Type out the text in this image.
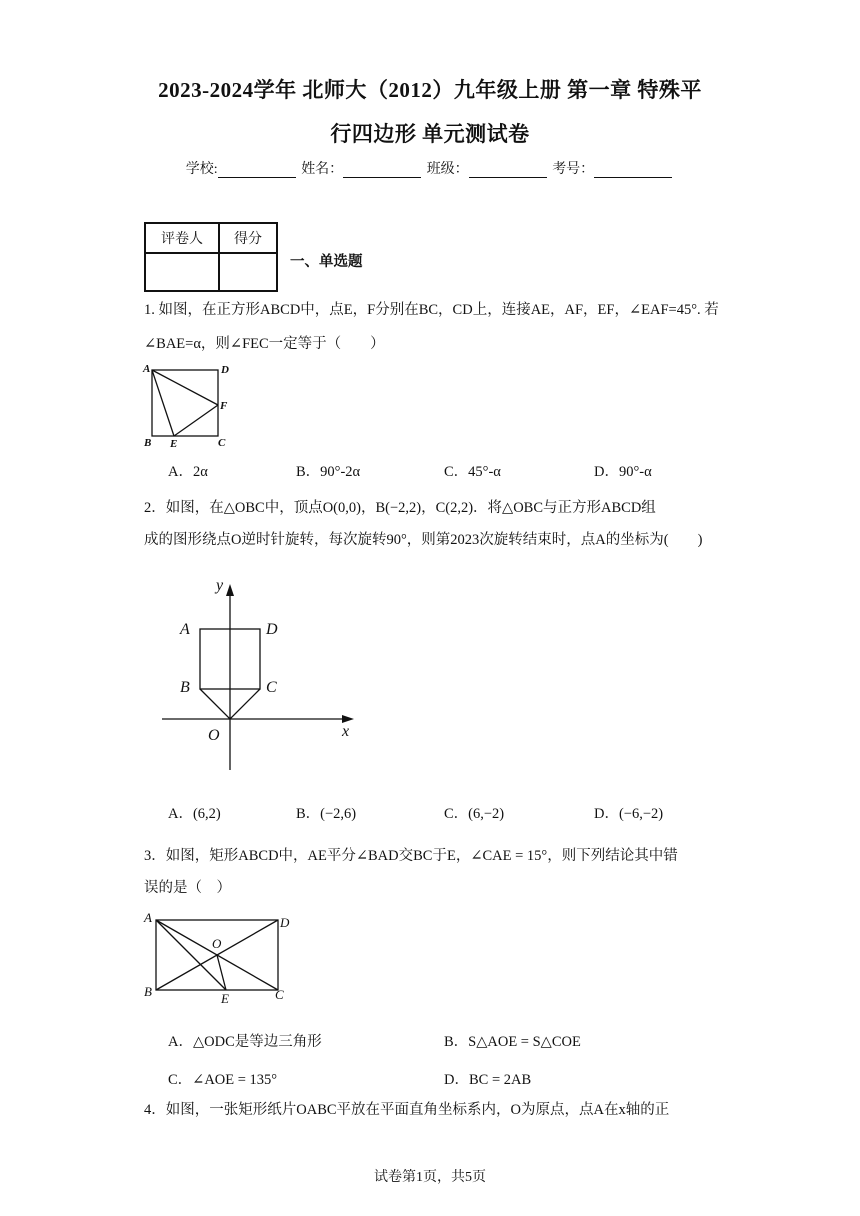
2023-2024学年 北师大（2012）九年级上册 第一章 特殊平
行四边形 单元测试卷
学校:	姓名：	班级：	考号：
评卷人	得分

一、单选题
1. 如图，在正方形ABCD中，点E，F分别在BC，CD上，连接AE，AF，EF，∠EAF=45°. 若
∠BAE=α，则∠FEC一定等于（　　）
A	D
F
B E	C
A．2α	B．90°-2α	C．45°-α	D．90°-α
2．如图，在△OBC中，顶点O(0,0)，B(−2,2)，C(2,2)．将△OBC与正方形ABCD组
成的图形绕点O逆时针旋转，每次旋转90°，则第2023次旋转结束时，点A的坐标为(　　)
y
A	D
B	C
O	x
A．(6,2)	B．(−2,6)	C．(6,−2)	D．(−6,−2)
3．如图，矩形ABCD中，AE平分∠BAD交BC于E，∠CAE = 15°，则下列结论其中错
误的是（　）
A	D
O
B	E	C
A．△ODC是等边三角形	B．S△AOE = S△COE
C．∠AOE = 135°	D．BC = 2AB
4．如图，一张矩形纸片OABC平放在平面直角坐标系内，O为原点，点A在x轴的正
试卷第1页，共5页
